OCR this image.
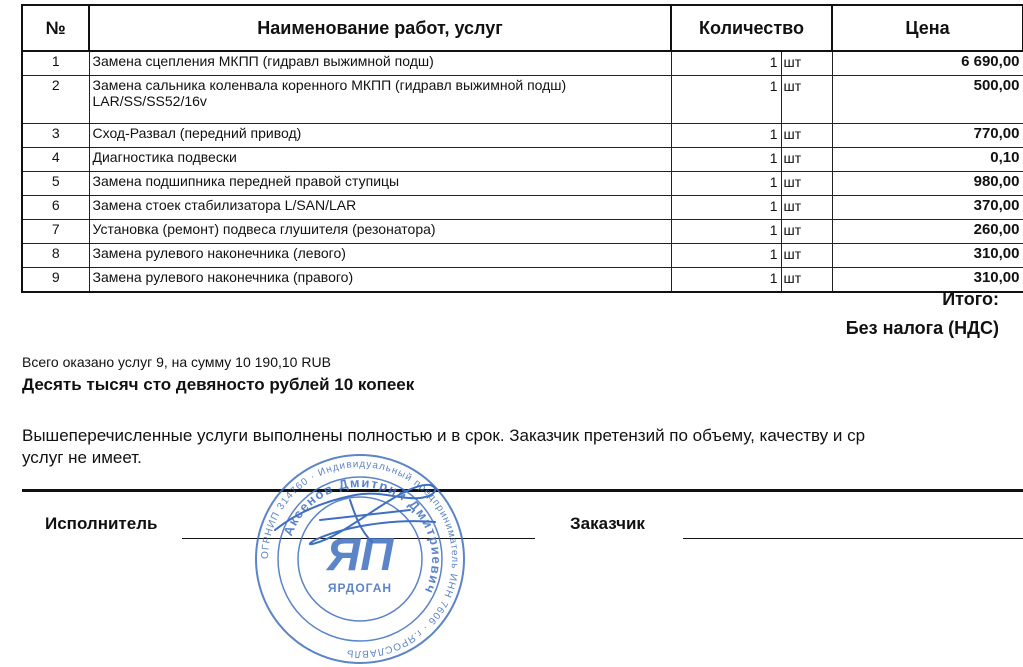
№	Наименование работ, услуг	Количество		Цена	
1	Замена сцепления МКПП (гидравл выжимной подш)	1	шт	6 690,00	
2	Замена сальника коленвала коренного МКПП (гидравл выжимной подш) LAR/SS/SS52/16v	1	шт	500,00	
3	Сход-Развал (передний привод)	1	шт	770,00	
4	Диагностика подвески	1	шт	0,10	
5	Замена подшипника передней правой ступицы	1	шт	980,00	
6	Замена стоек стабилизатора L/SAN/LAR	1	шт	370,00	
7	Установка (ремонт) подвеса глушителя (резонатора)	1	шт	260,00	
8	Замена рулевого наконечника (левого)	1	шт	310,00	
9	Замена рулевого наконечника (правого)	1	шт	310,00	
Итого:
Без налога (НДС)
Всего оказано услуг 9, на сумму 10 190,10 RUB
Десять тысяч сто девяносто рублей 10 копеек
Вышеперечисленные услуги выполнены полностью и в срок. Заказчик претензий по объему, качеству и ср
услуг не имеет.
Исполнитель	Заказчик
ОГРНИП 314760 · Индивидуальный предприниматель ИНН 7606 · г.ЯРОСЛАВЛЬ
Аксенов Дмитрий Дмитриевич
ЯП
ЯРДОГАН
